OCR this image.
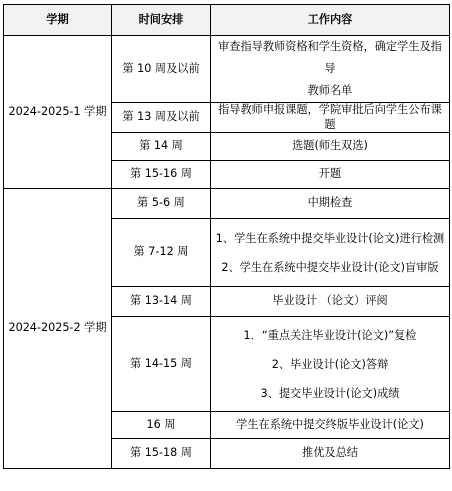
学期	时间安排	工作内容
2024-2025-1 学期	第 10 周及以前	审查指导教师资格和学生资格，确定学生及指导
教师名单

	第 13 周及以前	指导教师申报课题，学院审批后向学生公布课题
	第 14 周	选题(师生双选)
	第 15-16 周	开题
2024-2025-2 学期	第 5-6 周	中期检查
	第 7-12 周	1、学生在系统中提交毕业设计(论文)进行检测
2、学生在系统中提交毕业设计(论文)盲审版

	第 13-14 周	毕业设计 （论文）评阅
	第 14-15 周	1．“重点关注毕业设计(论文)”复检
2、毕业设计(论文)答辩
3、提交毕业设计(论文)成绩

	16 周	学生在系统中提交终版毕业设计(论文)
	第 15-18 周	推优及总结
